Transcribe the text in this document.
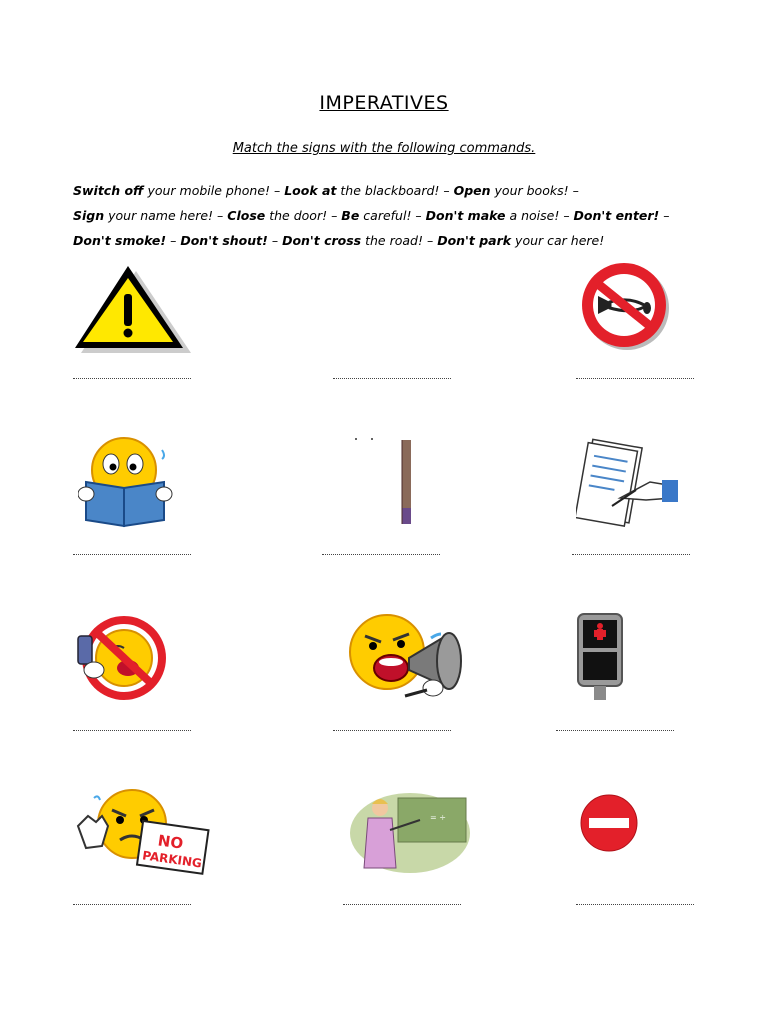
IMPERATIVES
Match the signs with the following commands.
Switch off your mobile phone! – Look at the blackboard! – Open your books! –
Sign your name here! – Close the door! – Be careful! – Don't make a noise! – Don't enter! –
Don't smoke! – Don't shout! – Don't cross the road! – Don't park your car here!
NO
PARKING
= ÷
